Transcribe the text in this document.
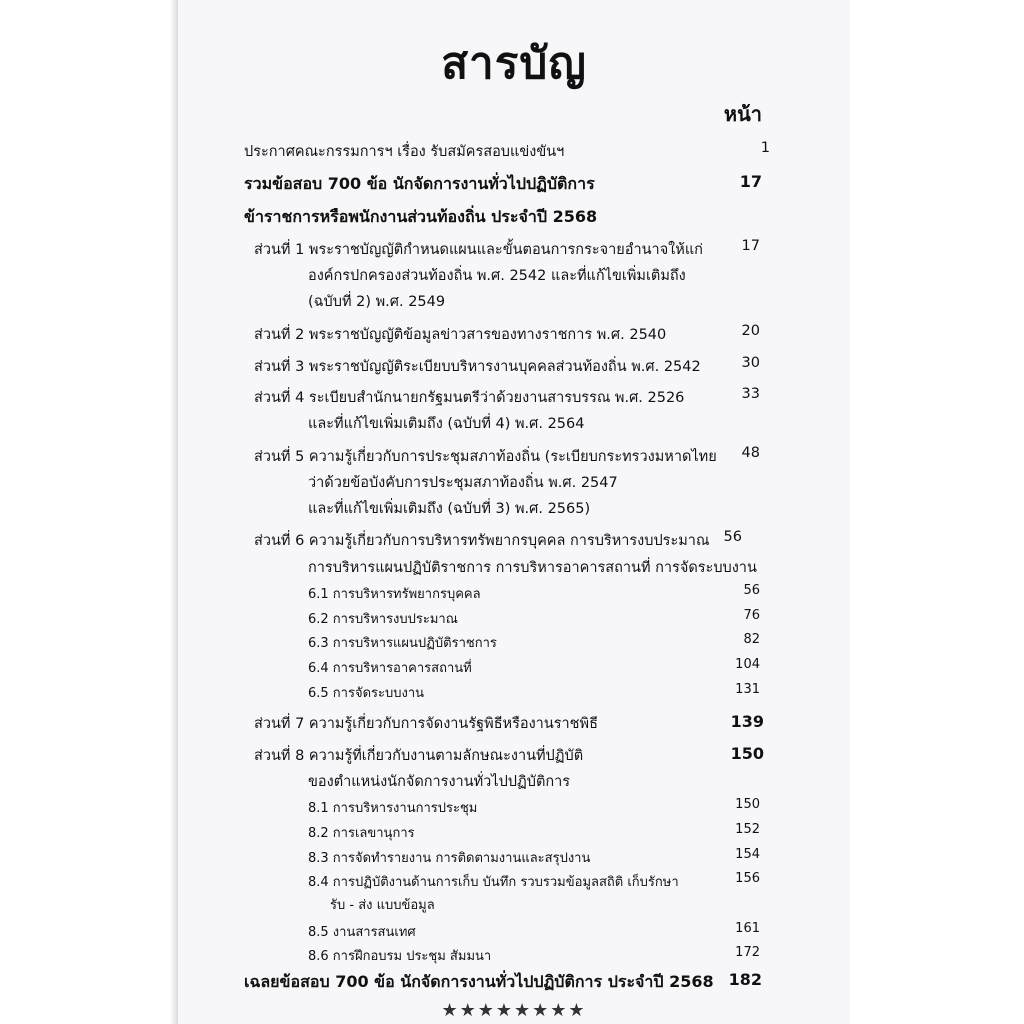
สารบัญ
หน้า
ประกาศคณะกรรมการฯ เรื่อง รับสมัครสอบแข่งขันฯ	1
รวมข้อสอบ 700 ข้อ นักจัดการงานทั่วไปปฏิบัติการ	17
ข้าราชการหรือพนักงานส่วนท้องถิ่น ประจำปี 2568
ส่วนที่ 1 พระราชบัญญัติกำหนดแผนและขั้นตอนการกระจายอำนาจให้แก่	17
องค์กรปกครองส่วนท้องถิ่น พ.ศ. 2542 และที่แก้ไขเพิ่มเติมถึง
(ฉบับที่ 2) พ.ศ. 2549
ส่วนที่ 2 พระราชบัญญัติข้อมูลข่าวสารของทางราชการ พ.ศ. 2540	20
ส่วนที่ 3 พระราชบัญญัติระเบียบบริหารงานบุคคลส่วนท้องถิ่น พ.ศ. 2542	30
ส่วนที่ 4 ระเบียบสำนักนายกรัฐมนตรีว่าด้วยงานสารบรรณ พ.ศ. 2526	33
และที่แก้ไขเพิ่มเติมถึง (ฉบับที่ 4) พ.ศ. 2564
ส่วนที่ 5 ความรู้เกี่ยวกับการประชุมสภาท้องถิ่น (ระเบียบกระทรวงมหาดไทย	48
ว่าด้วยข้อบังคับการประชุมสภาท้องถิ่น พ.ศ. 2547
และที่แก้ไขเพิ่มเติมถึง (ฉบับที่ 3) พ.ศ. 2565)
ส่วนที่ 6 ความรู้เกี่ยวกับการบริหารทรัพยากรบุคคล การบริหารงบประมาณ 56
การบริหารแผนปฏิบัติราชการ การบริหารอาคารสถานที่ การจัดระบบงาน
6.1 การบริหารทรัพยากรบุคคล	56
6.2 การบริหารงบประมาณ	76
6.3 การบริหารแผนปฏิบัติราชการ	82
6.4 การบริหารอาคารสถานที่	104
6.5 การจัดระบบงาน	131
ส่วนที่ 7 ความรู้เกี่ยวกับการจัดงานรัฐพิธีหรืองานราชพิธี	139
ส่วนที่ 8 ความรู้ที่เกี่ยวกับงานตามลักษณะงานที่ปฏิบัติ	150
ของตำแหน่งนักจัดการงานทั่วไปปฏิบัติการ
8.1 การบริหารงานการประชุม	150
8.2 การเลขานุการ	152
8.3 การจัดทำรายงาน การติดตามงานและสรุปงาน	154
8.4 การปฏิบัติงานด้านการเก็บ บันทึก รวบรวมข้อมูลสถิติ เก็บรักษา	156
รับ - ส่ง แบบข้อมูล
8.5 งานสารสนเทศ	161
8.6 การฝึกอบรม ประชุม สัมมนา	172
เฉลยข้อสอบ 700 ข้อ นักจัดการงานทั่วไปปฏิบัติการ ประจำปี 2568 182
★★★★★★★★
